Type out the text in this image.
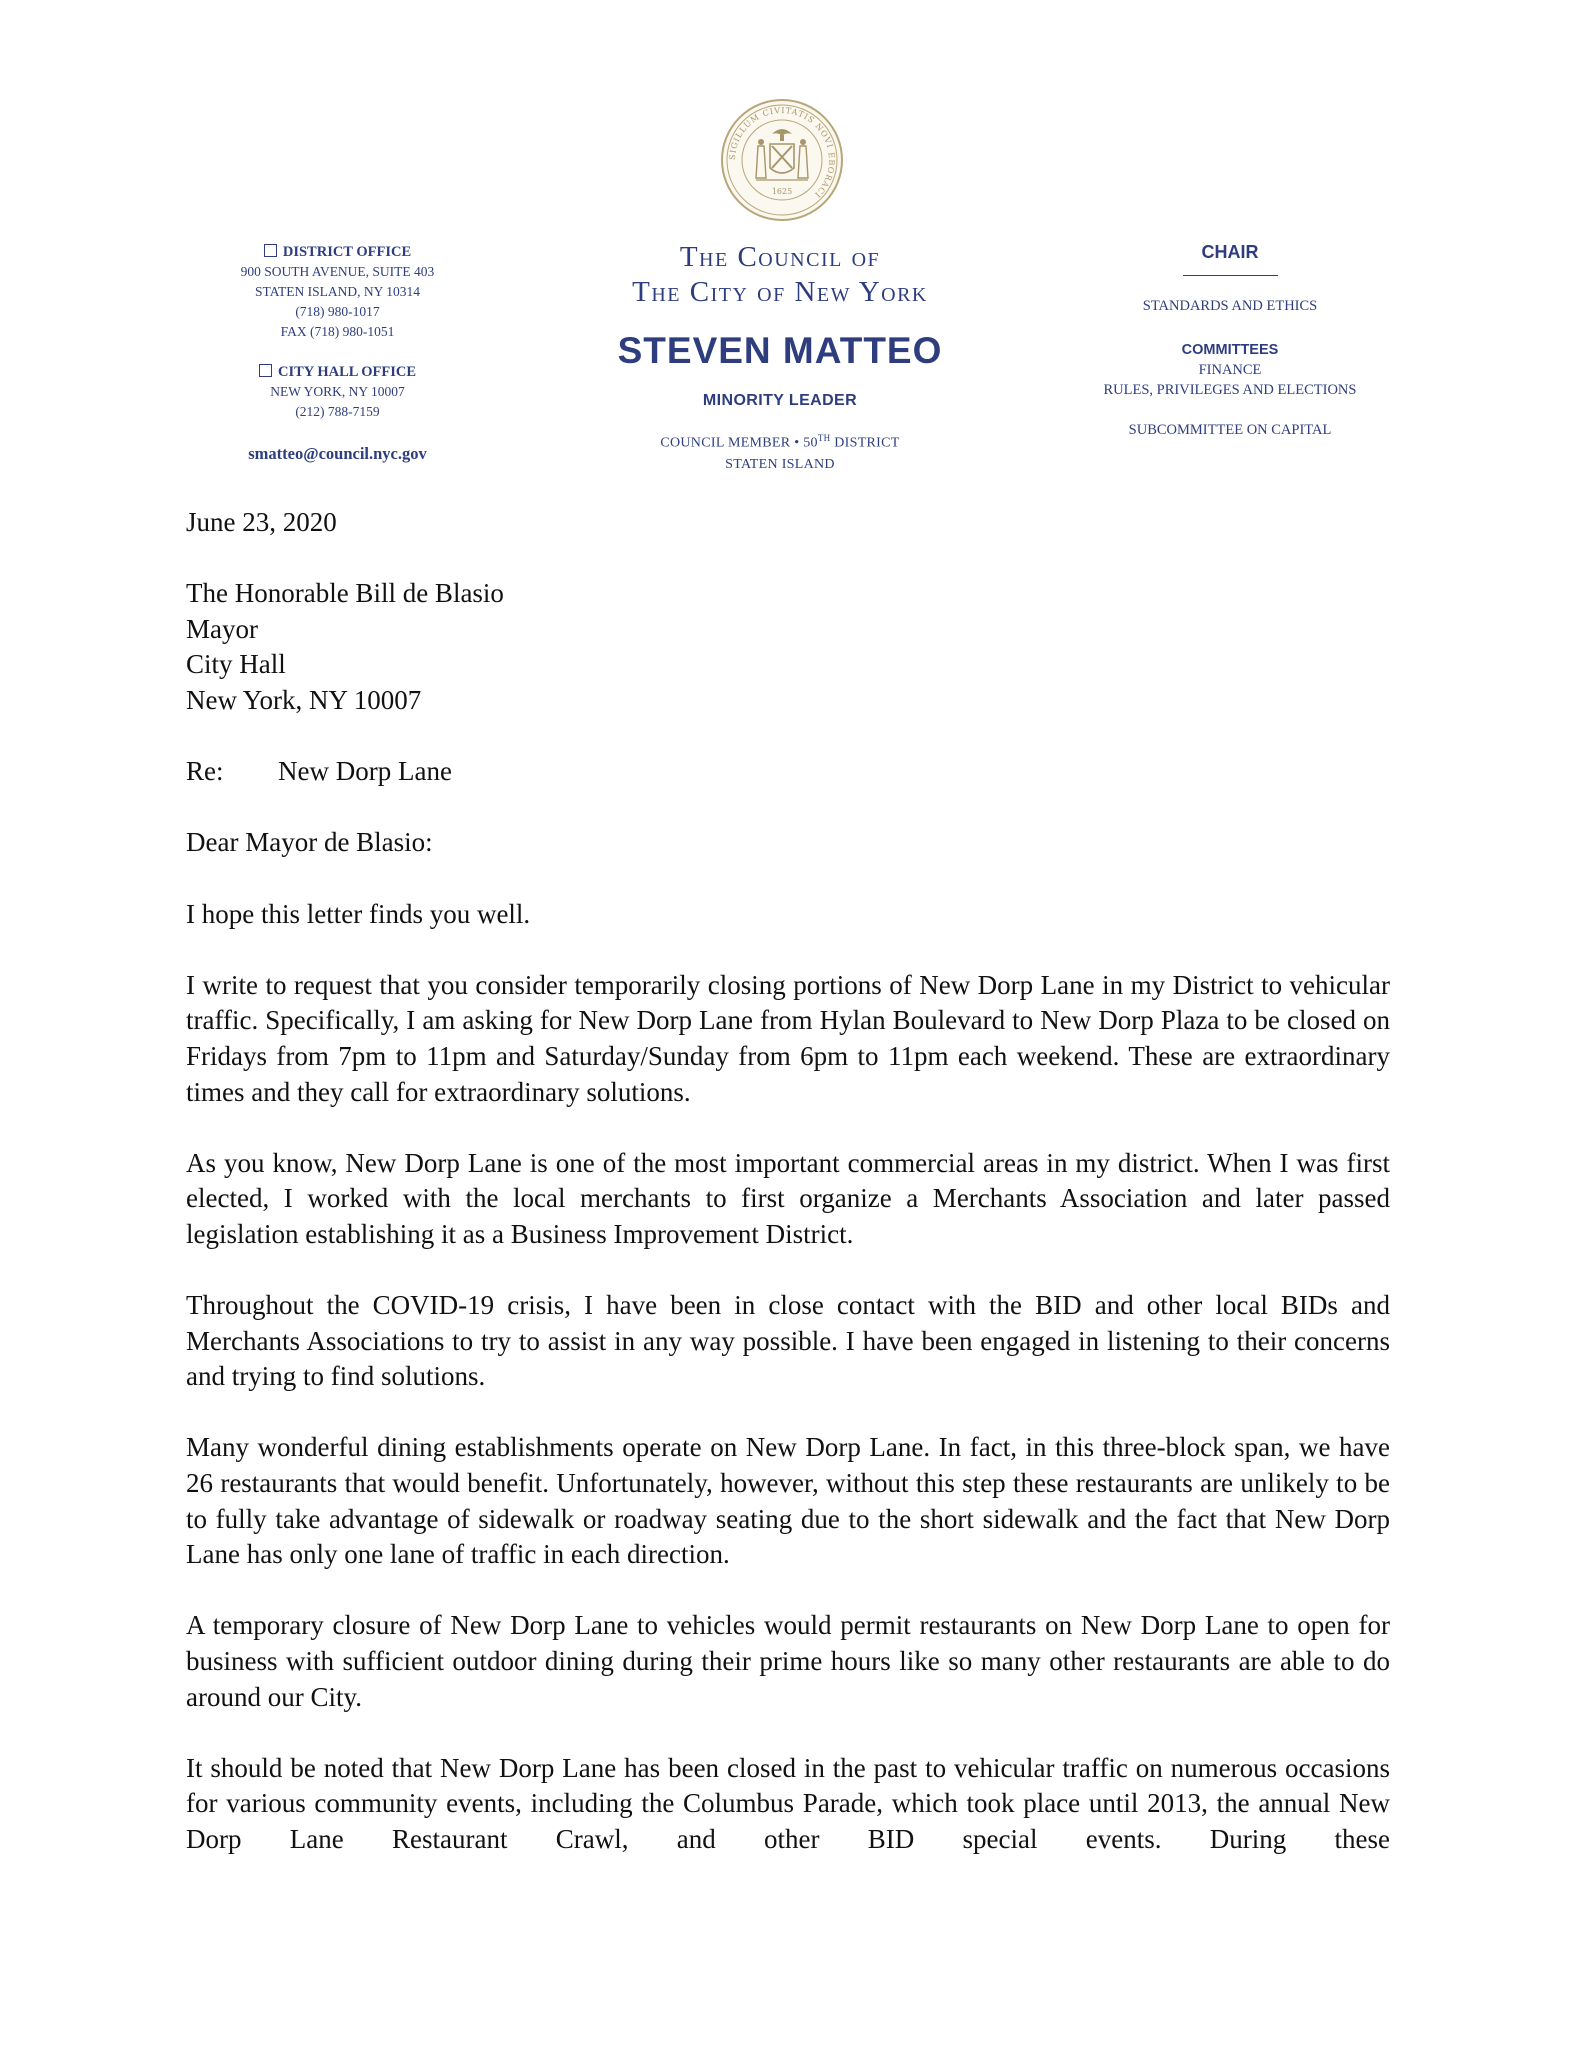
SIGILLUM CIVITATIS NOVI EBORACI
1625
DISTRICT OFFICE
900 SOUTH AVENUE, SUITE 403
STATEN ISLAND, NY 10314
(718) 980-1017
FAX (718) 980-1051
CITY HALL OFFICE
NEW YORK, NY 10007
(212) 788-7159
smatteo@council.nyc.gov
The Council of
The City of New York
STEVEN MATTEO
MINORITY LEADER
COUNCIL MEMBER • 50TH DISTRICT
STATEN ISLAND
CHAIR
STANDARDS AND ETHICS
COMMITTEES
FINANCE
RULES, PRIVILEGES AND ELECTIONS
SUBCOMMITTEE ON CAPITAL
June 23, 2020
The Honorable Bill de Blasio
Mayor
City Hall
New York, NY 10007
Re: New Dorp Lane
Dear Mayor de Blasio:
I hope this letter finds you well.
I write to request that you consider temporarily closing portions of New Dorp Lane in my District to vehicular traffic. Specifically, I am asking for New Dorp Lane from Hylan Boulevard to New Dorp Plaza to be closed on Fridays from 7pm to 11pm and Saturday/Sunday from 6pm to 11pm each weekend. These are extraordinary times and they call for extraordinary solutions.
As you know, New Dorp Lane is one of the most important commercial areas in my district. When I was first elected, I worked with the local merchants to first organize a Merchants Association and later passed legislation establishing it as a Business Improvement District.
Throughout the COVID-19 crisis, I have been in close contact with the BID and other local BIDs and Merchants Associations to try to assist in any way possible. I have been engaged in listening to their concerns and trying to find solutions.
Many wonderful dining establishments operate on New Dorp Lane. In fact, in this three-block span, we have 26 restaurants that would benefit. Unfortunately, however, without this step these restaurants are unlikely to be to fully take advantage of sidewalk or roadway seating due to the short sidewalk and the fact that New Dorp Lane has only one lane of traffic in each direction.
A temporary closure of New Dorp Lane to vehicles would permit restaurants on New Dorp Lane to open for business with sufficient outdoor dining during their prime hours like so many other restaurants are able to do around our City.
It should be noted that New Dorp Lane has been closed in the past to vehicular traffic on numerous occasions for various community events, including the Columbus Parade, which took place until 2013, the annual New Dorp Lane Restaurant Crawl, and other BID special events. During these
